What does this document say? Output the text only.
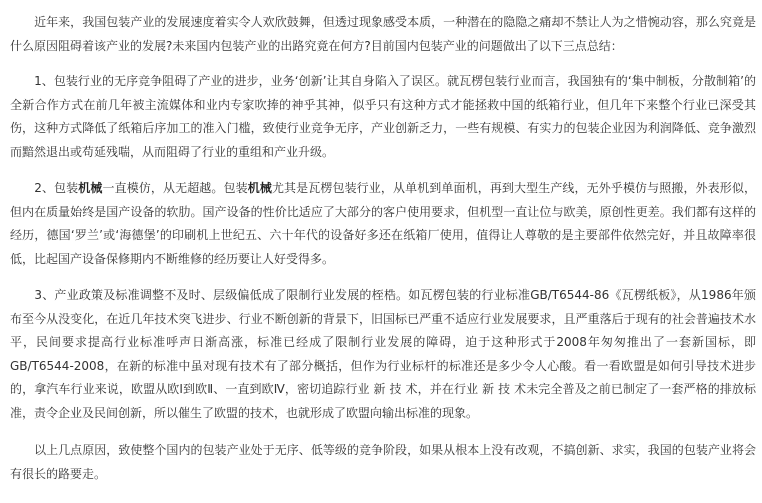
　　近年来，我国包装产业的发展速度着实令人欢欣鼓舞，但透过现象感受本质，一种潜在的隐隐之痛却不禁让人为之惜惋动容，那么究竟是什么原因阻碍着该产业的发展?未来国内包装产业的出路究竟在何方?目前国内包装产业的问题做出了以下三点总结：

　　1、包装行业的无序竞争阻碍了产业的进步，业务‘创新’让其自身陷入了误区。就瓦楞包装行业而言，我国独有的‘集中制板，分散制箱’的全新合作方式在前几年被主流媒体和业内专家吹捧的神乎其神，似乎只有这种方式才能拯救中国的纸箱行业，但几年下来整个行业已深受其伤，这种方式降低了纸箱后序加工的准入门槛，致使行业竞争无序，产业创新乏力，一些有规模、有实力的包装企业因为利润降低、竞争激烈而黯然退出或苟延残喘，从而阻碍了行业的重组和产业升级。

　　2、包装机械一直模仿，从无超越。包装机械尤其是瓦楞包装行业，从单机到单面机，再到大型生产线，无外乎模仿与照搬，外表形似，但内在质量始终是国产设备的软肋。国产设备的性价比适应了大部分的客户使用要求，但机型一直让位与欧美，原创性更差。我们都有这样的经历，德国‘罗兰’或‘海德堡’的印刷机上世纪五、六十年代的设备好多还在纸箱厂使用，值得让人尊敬的是主要部件依然完好，并且故障率很低，比起国产设备保修期内不断维修的经历要让人好受得多。

　　3、产业政策及标准调整不及时、层级偏低成了限制行业发展的桎梏。如瓦楞包装的行业标准GB/T6544-86《瓦楞纸板》，从1986年颁布至今从没变化，在近几年技术突飞进步、行业不断创新的背景下，旧国标已严重不适应行业发展要求，且严重落后于现有的社会普遍技术水平，民间要求提高行业标准呼声日渐高涨，标准已经成了限制行业发展的障碍，迫于这种形式于2008年匆匆推出了一套新国标，即GB/T6544-2008，在新的标准中虽对现有技术有了部分概括，但作为行业标杆的标准还是多少令人心酸。看一看欧盟是如何引导技术进步的，拿汽车行业来说，欧盟从欧Ⅰ到欧Ⅱ、一直到欧Ⅳ，密切追踪行业 新 技 术，并在行业 新 技 术未完全普及之前已制定了一套严格的排放标准，责令企业及民间创新，所以催生了欧盟的技术，也就形成了欧盟向输出标准的现象。

　　以上几点原因，致使整个国内的包装产业处于无序、低等级的竞争阶段，如果从根本上没有改观，不搞创新、求实，我国的包装产业将会有很长的路要走。
